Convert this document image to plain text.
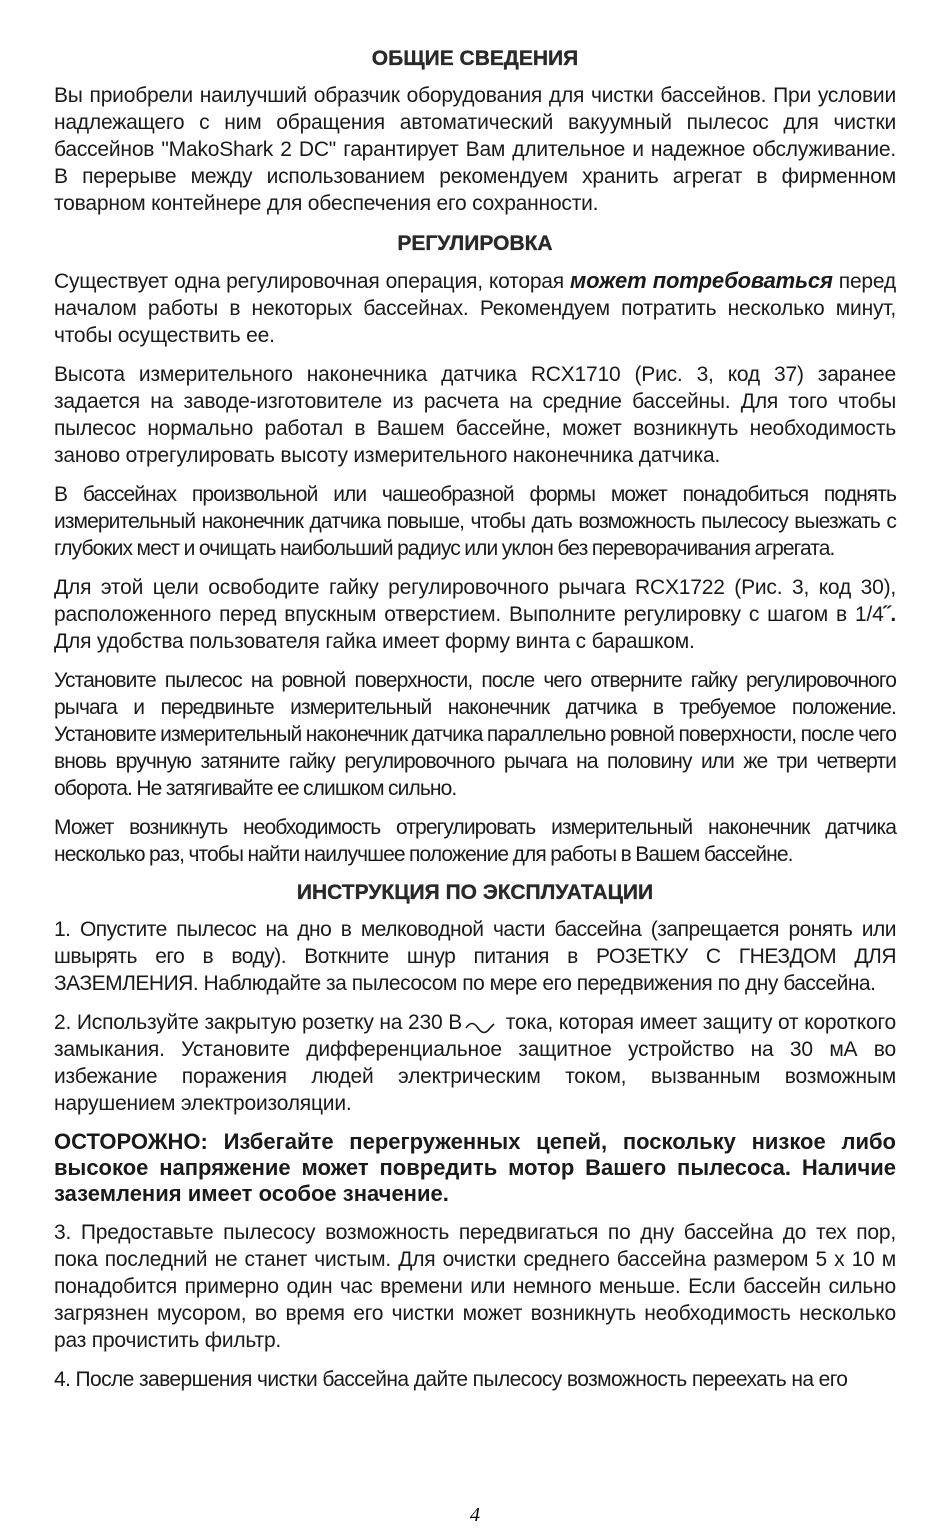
ОБЩИЕ СВЕДЕНИЯ

Вы приобрели наилучший образчик оборудования для чистки бассейнов. При условии надлежащего с ним обращения автоматический вакуумный пылесос для чистки бассейнов "MakoShark 2 DC" гарантирует Вам длительное и надежное обслуживание. В перерыве между использованием рекомендуем хранить агрегат в фирменном товарном контейнере для обеспечения его сохранности.

РЕГУЛИРОВКА

Существует одна регулировочная операция, которая может потребоваться перед началом работы в некоторых бассейнах. Рекомендуем потратить несколько минут, чтобы осуществить ее.

Высота измерительного наконечника датчика RCX1710 (Рис. 3, код 37) заранее задается на заводе-изготовителе из расчета на средние бассейны. Для того чтобы пылесос нормально работал в Вашем бассейне, может возникнуть необходимость заново отрегулировать высоту измерительного наконечника датчика.

В бассейнах произвольной или чашеобразной формы может понадобиться поднять измерительный наконечник датчика повыше, чтобы дать возможность пылесосу выезжать с глубоких мест и очищать наибольший радиус или уклон без переворачивания агрегата.

Для этой цели освободите гайку регулировочного рычага RCX1722 (Рис. 3, код 30), расположенного перед впускным отверстием. Выполните регулировку с шагом в 1/4˝. Для удобства пользователя гайка имеет форму винта с барашком.

Установите пылесос на ровной поверхности, после чего отверните гайку регулировочного рычага и передвиньте измерительный наконечник датчика в требуемое положение. Установите измерительный наконечник датчика параллельно ровной поверхности, после чего вновь вручную затяните гайку регулировочного рычага на половину или же три четверти оборота. Не затягивайте ее слишком сильно.

Может возникнуть необходимость отрегулировать измерительный наконечник датчика несколько раз, чтобы найти наилучшее положение для работы в Вашем бассейне.

ИНСТРУКЦИЯ ПО ЭКСПЛУАТАЦИИ

1. Опустите пылесос на дно в мелководной части бассейна (запрещается ронять или швырять его в воду). Воткните шнур питания в РОЗЕТКУ С ГНЕЗДОМ ДЛЯ ЗАЗЕМЛЕНИЯ. Наблюдайте за пылесосом по мере его передвижения по дну бассейна.

2. Используйте закрытую розетку на 230 В тока, которая имеет защиту от короткого замыкания. Установите дифференциальное защитное устройство на 30 мА во избежание поражения людей электрическим током, вызванным возможным нарушением электроизоляции.

ОСТОРОЖНО: Избегайте перегруженных цепей, поскольку низкое либо высокое напряжение может повредить мотор Вашего пылесоса. Наличие заземления имеет особое значение.

3. Предоставьте пылесосу возможность передвигаться по дну бассейна до тех пор, пока последний не станет чистым. Для очистки среднего бассейна размером 5 х 10 м понадобится примерно один час времени или немного меньше. Если бассейн сильно загрязнен мусором, во время его чистки может возникнуть необходимость несколько раз прочистить фильтр.

4. После завершения чистки бассейна дайте пылесосу возможность переехать на его

4
